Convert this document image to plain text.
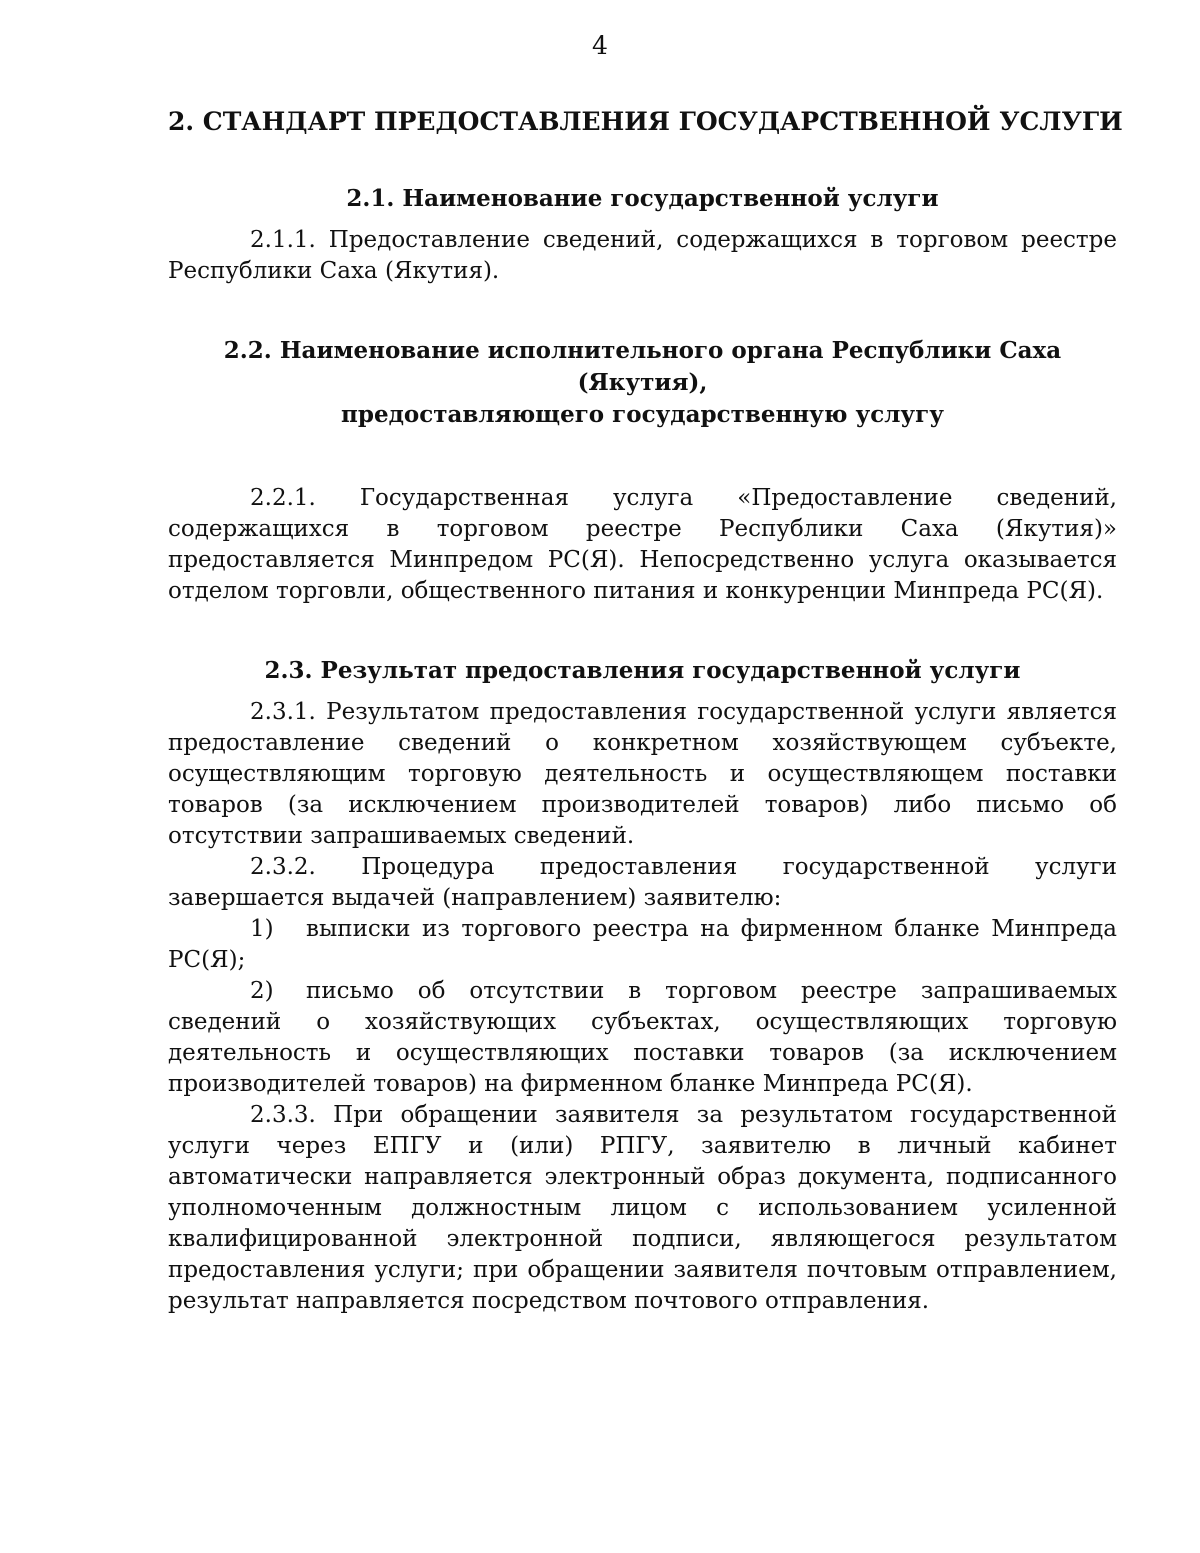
4
2. СТАНДАРТ ПРЕДОСТАВЛЕНИЯ ГОСУДАРСТВЕННОЙ УСЛУГИ
2.1. Наименование государственной услуги

2.1.1. Предоставление сведений, содержащихся в торговом реестре Республики Саха (Якутия).

2.2. Наименование исполнительного органа Республики Саха (Якутия),
предоставляющего государственную услугу

2.2.1. Государственная услуга «Предоставление сведений, содержащихся в торговом реестре Республики Саха (Якутия)» предоставляется Минпредом РС(Я). Непосредственно услуга оказывается отделом торговли, общественного питания и конкуренции Минпреда РС(Я).

2.3. Результат предоставления государственной услуги

2.3.1. Результатом предоставления государственной услуги является предоставление сведений о конкретном хозяйствующем субъекте, осуществляющим торговую деятельность и осуществляющем поставки товаров (за исключением производителей товаров) либо письмо об отсутствии запрашиваемых сведений.

2.3.2. Процедура предоставления государственной услуги завершается выдачей (направлением) заявителю:

1) выписки из торгового реестра на фирменном бланке Минпреда РС(Я);

2) письмо об отсутствии в торговом реестре запрашиваемых сведений о хозяйствующих субъектах, осуществляющих торговую деятельность и осуществляющих поставки товаров (за исключением производителей товаров) на фирменном бланке Минпреда РС(Я).

2.3.3. При обращении заявителя за результатом государственной услуги через ЕПГУ и (или) РПГУ, заявителю в личный кабинет автоматически направляется электронный образ документа, подписанного уполномоченным должностным лицом с использованием усиленной квалифицированной электронной подписи, являющегося результатом предоставления услуги; при обращении заявителя почтовым отправлением, результат направляется посредством почтового отправления.
